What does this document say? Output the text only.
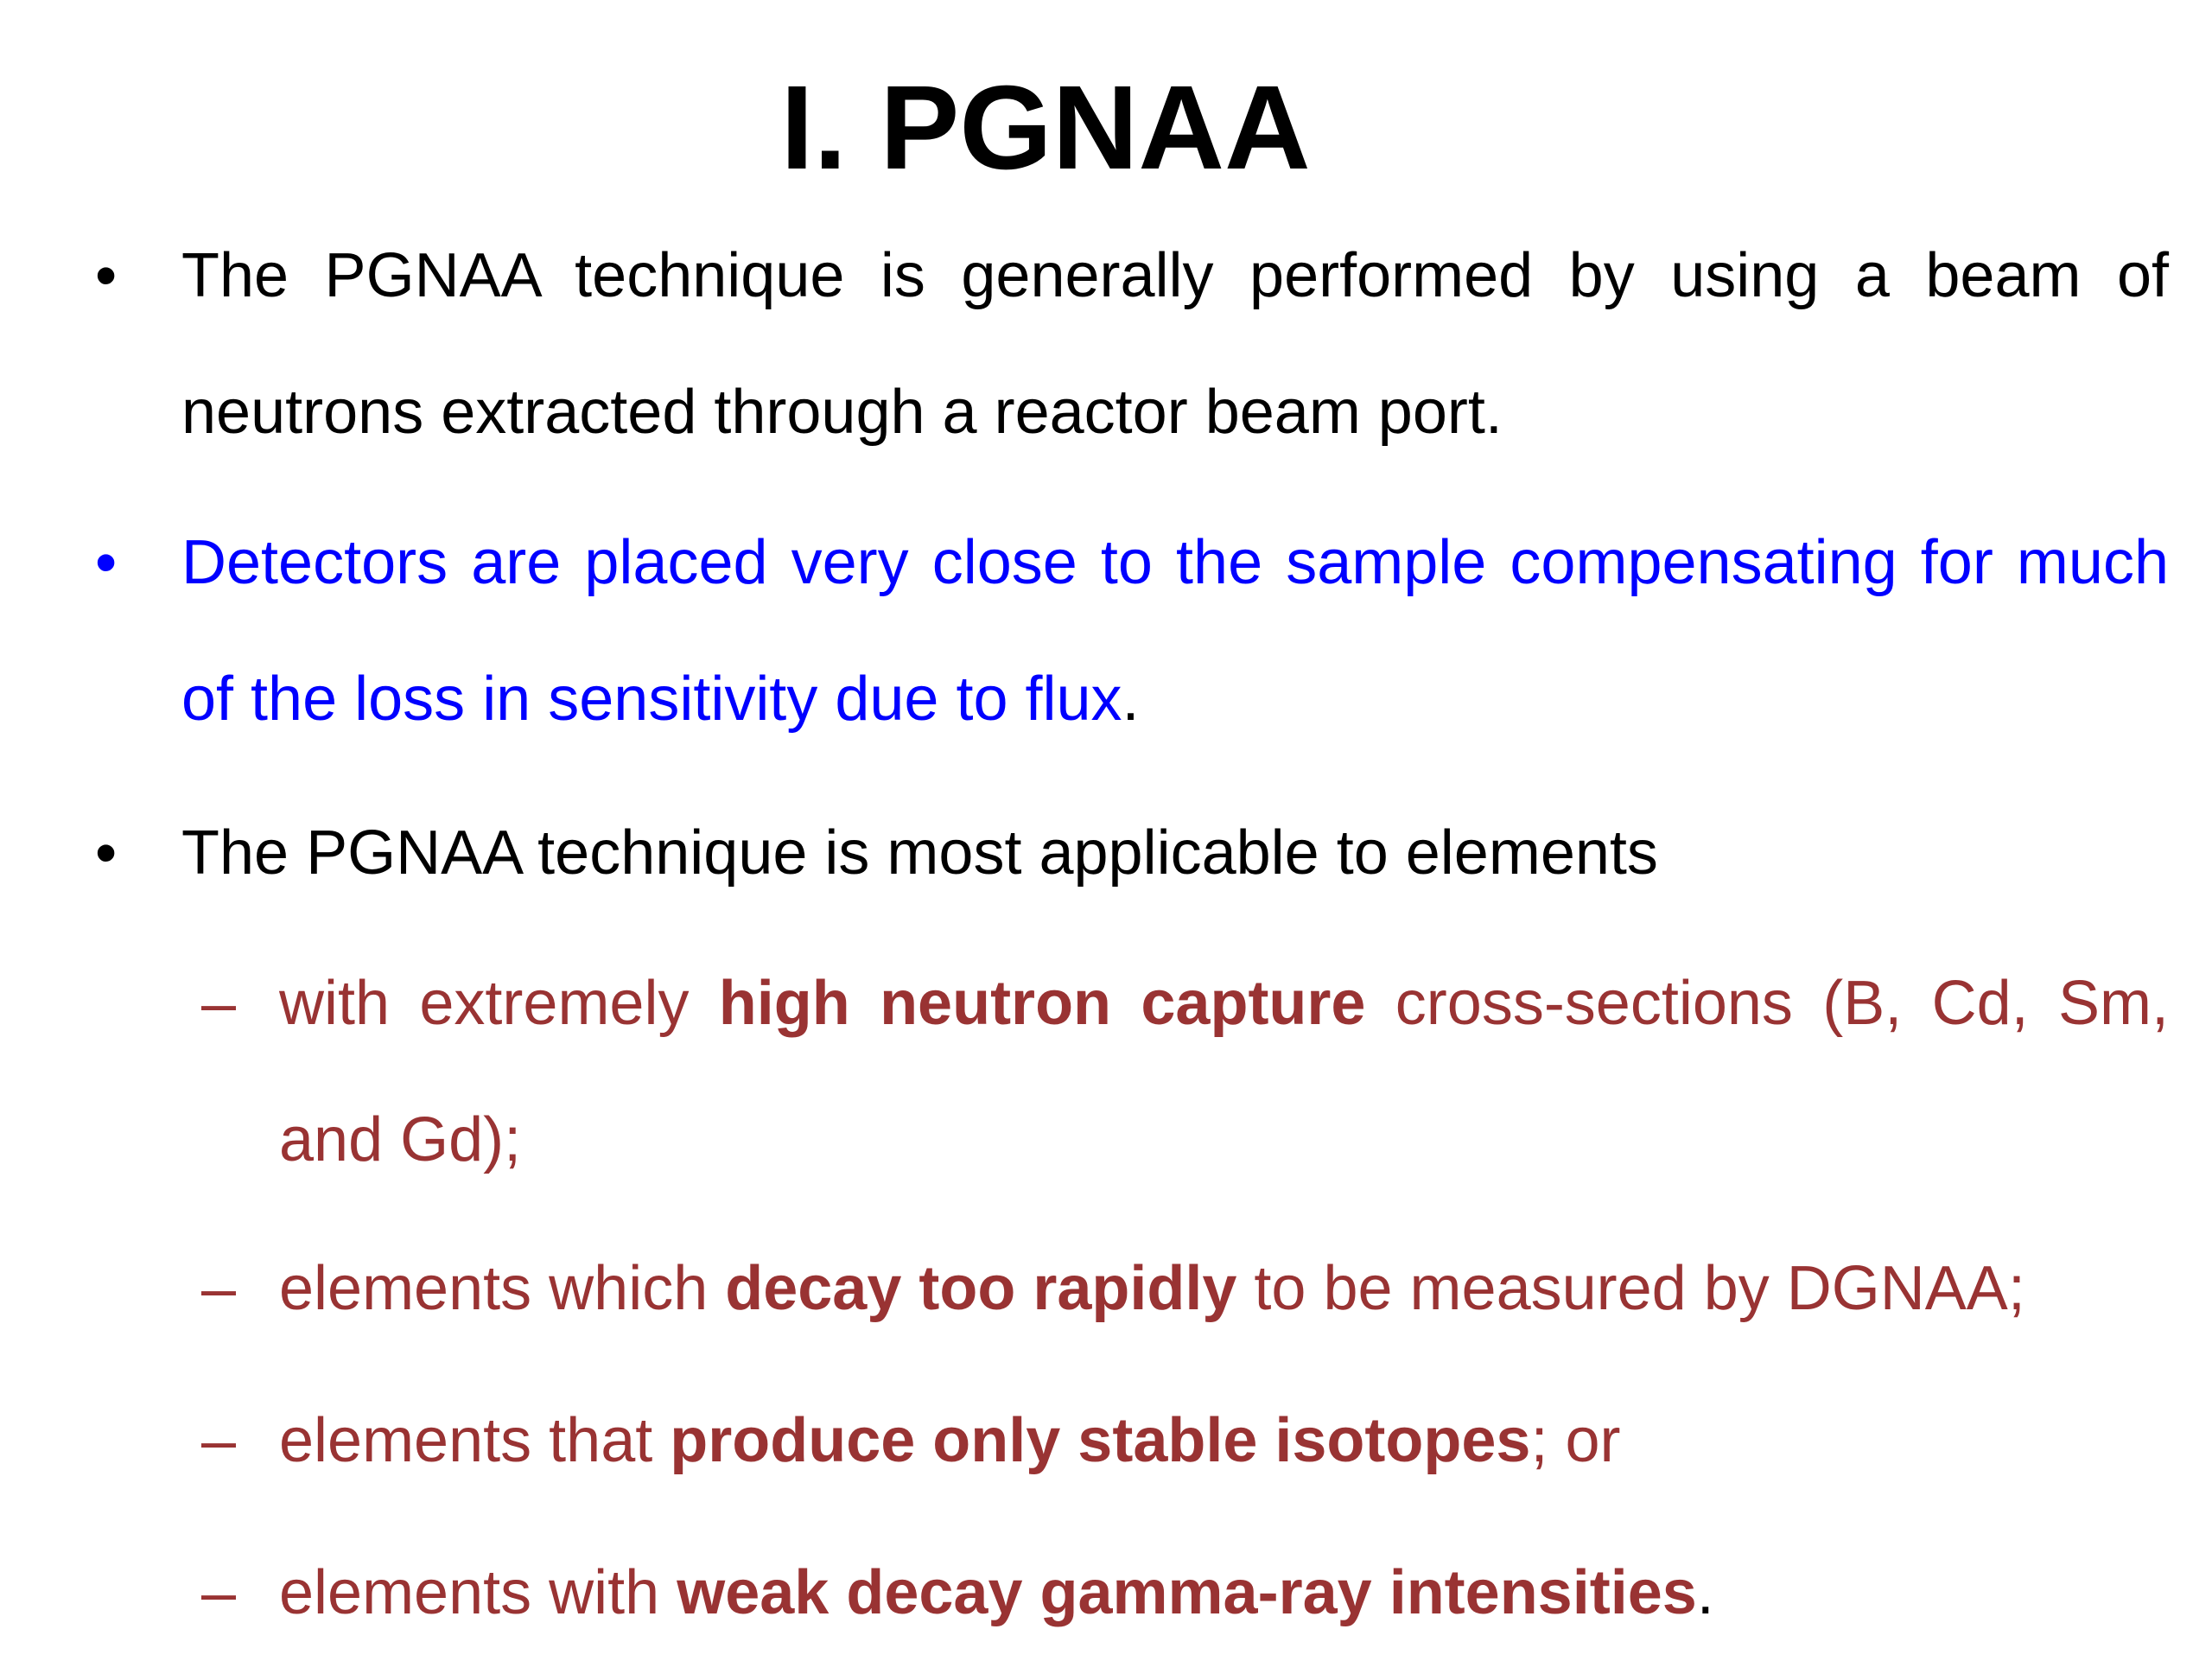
I. PGNAA
•	The PGNAA technique is generally performed by using a beam of neutrons extracted through a reactor beam port.
•	Detectors are placed very close to the sample compensating for much of the loss in sensitivity due to flux.
•	The PGNAA technique is most applicable to elements
– with extremely high neutron capture cross-sections (B, Cd, Sm, and Gd);
– elements which decay too rapidly to be measured by DGNAA;
– elements that produce only stable isotopes; or
– elements with weak decay gamma-ray intensities.
